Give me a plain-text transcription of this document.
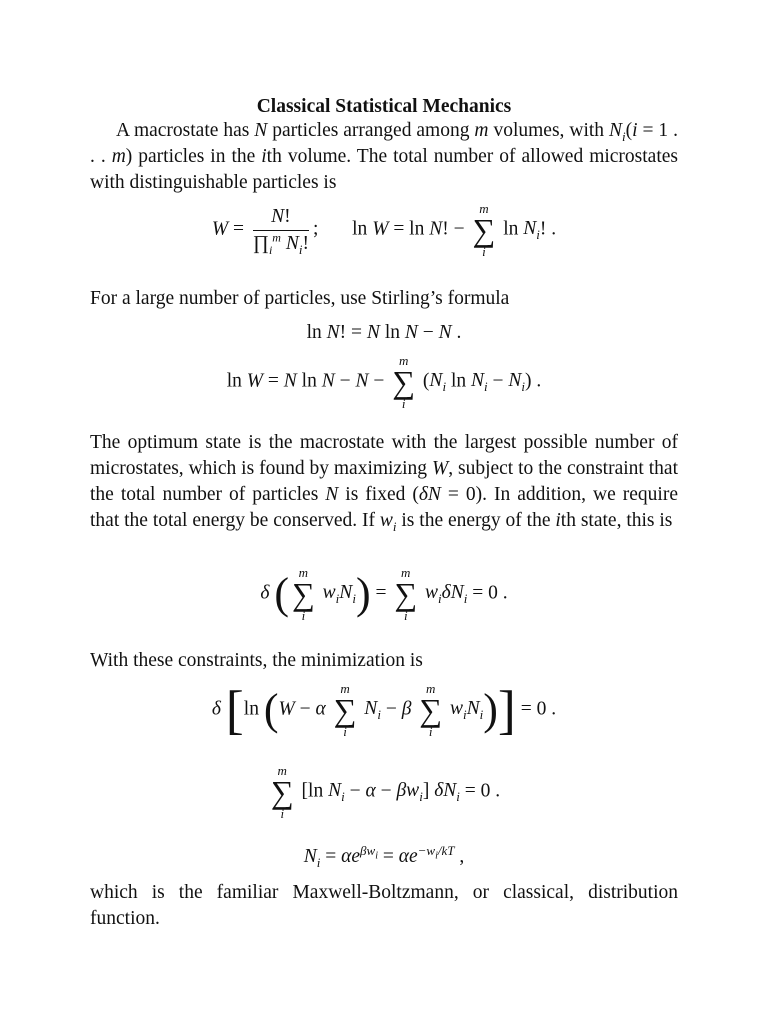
Classical Statistical Mechanics
A macrostate has N particles arranged among m volumes, with $N_i(i = 1$ . . . m) particles in the ith volume. The total number of allowed microstates with distinguishable particles is
$W = \frac{N!}{\prod_i^m N_i!}$ ;  ln W = ln N! −
m
∑
i
$\ln N_i$! .
For a large number of particles, use Stirling’s formula
ln N! = N ln N − N .
ln W = N ln N − N −
m
∑
i
($N_i$ $\ln N_i - N_i$) .
The optimum state is the macrostate with the largest possible number of microstates, which is found by maximizing W, subject to the constraint that the total number of particles N is fixed (δN = 0). In addition, we require that the total energy be conserved. If $w_i$ is the energy of the ith state, this is
δ ( m
∑
i
$w_iN_i$) =
m
∑
i
$w_i\delta N_i = 0$ .
With these constraints, the minimization is
δ [ln (W − α
m
∑
i
$N_i - \beta$
m
∑
i
$w_iN_i)] = 0$ .
m
∑
i
[ln $N_i - \alpha - \beta w_i$] $\delta N_i = 0$ .
$N_i = \alpha e^{\beta w_i} = \alpha e^{-w_i/kT}$ ,
which is the familiar Maxwell-Boltzmann, or classical, distribution function.
